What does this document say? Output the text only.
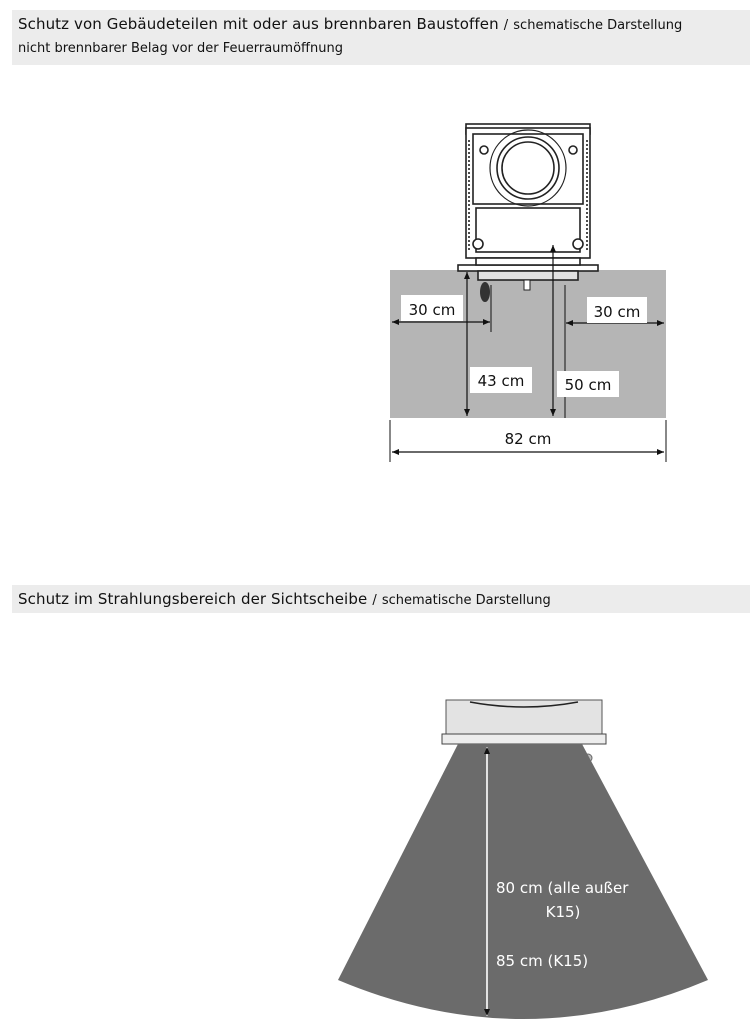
Schutz von Gebäudeteilen mit oder aus brennbaren Baustoffen / schematische Darstellung
nicht brennbarer Belag vor der Feuerraumöffnung
Schutz im Strahlungsbereich der Sichtscheibe / schematische Darstellung
30 cm	30 cm
43 cm	50 cm
82 cm
80 cm (alle außer
K15)
85 cm (K15)
